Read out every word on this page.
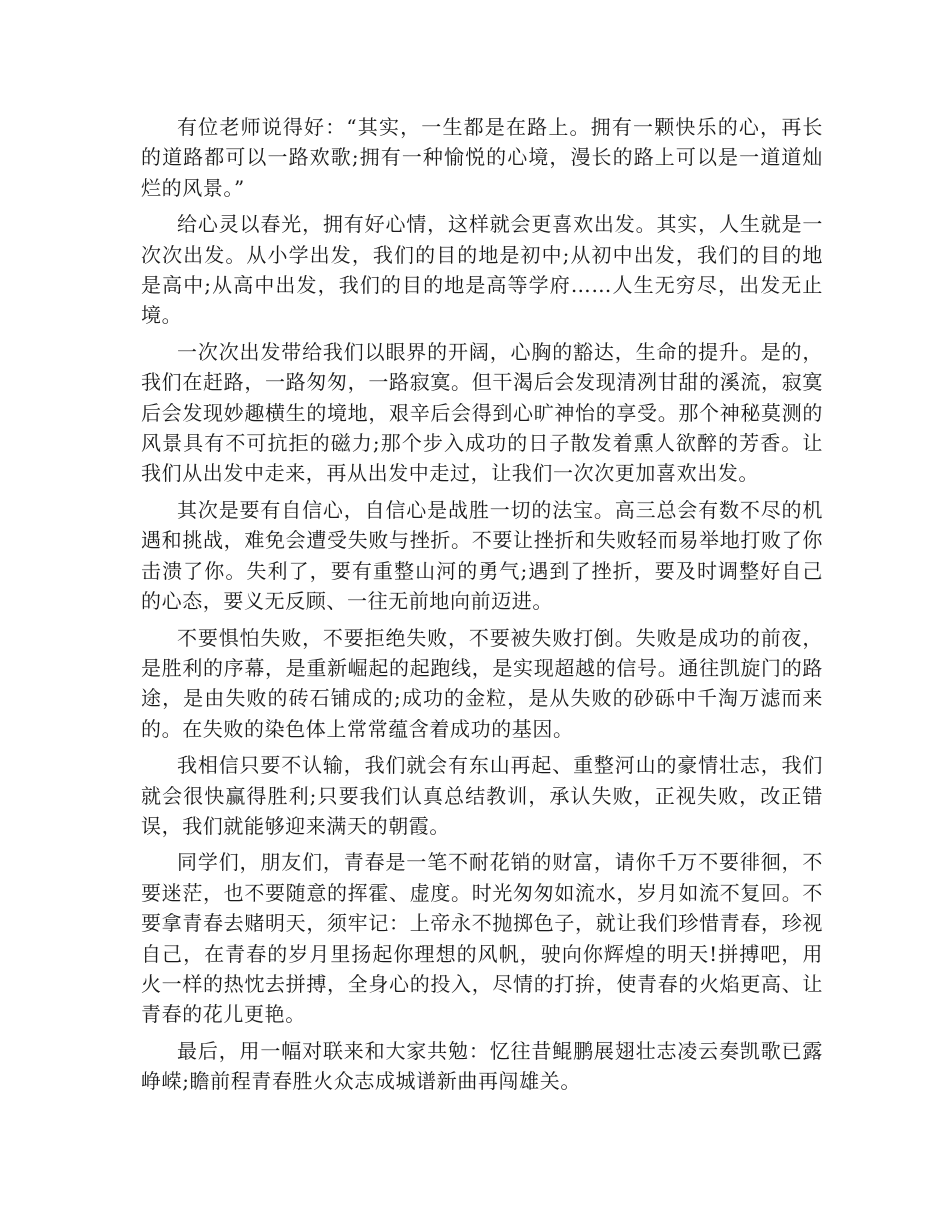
有位老师说得好：“其实，一生都是在路上。拥有一颗快乐的心，再长的道路都可以一路欢歌;拥有一种愉悦的心境，漫长的路上可以是一道道灿烂的风景。”

给心灵以春光，拥有好心情，这样就会更喜欢出发。其实，人生就是一次次出发。从小学出发，我们的目的地是初中;从初中出发，我们的目的地是高中;从高中出发，我们的目的地是高等学府……人生无穷尽，出发无止境。

一次次出发带给我们以眼界的开阔，心胸的豁达，生命的提升。是的，我们在赶路，一路匆匆，一路寂寞。但干渴后会发现清冽甘甜的溪流，寂寞后会发现妙趣横生的境地，艰辛后会得到心旷神怡的享受。那个神秘莫测的风景具有不可抗拒的磁力;那个步入成功的日子散发着熏人欲醉的芳香。让我们从出发中走来，再从出发中走过，让我们一次次更加喜欢出发。

其次是要有自信心，自信心是战胜一切的法宝。高三总会有数不尽的机遇和挑战，难免会遭受失败与挫折。不要让挫折和失败轻而易举地打败了你击溃了你。失利了，要有重整山河的勇气;遇到了挫折，要及时调整好自己的心态，要义无反顾、一往无前地向前迈进。

不要惧怕失败，不要拒绝失败，不要被失败打倒。失败是成功的前夜，是胜利的序幕，是重新崛起的起跑线，是实现超越的信号。通往凯旋门的路途，是由失败的砖石铺成的;成功的金粒，是从失败的砂砾中千淘万滤而来的。在失败的染色体上常常蕴含着成功的基因。

我相信只要不认输，我们就会有东山再起、重整河山的豪情壮志，我们就会很快赢得胜利;只要我们认真总结教训，承认失败，正视失败，改正错误，我们就能够迎来满天的朝霞。

同学们，朋友们，青春是一笔不耐花销的财富，请你千万不要徘徊，不要迷茫，也不要随意的挥霍、虚度。时光匆匆如流水，岁月如流不复回。不要拿青春去赌明天，须牢记：上帝永不抛掷色子，就让我们珍惜青春，珍视自己，在青春的岁月里扬起你理想的风帆，驶向你辉煌的明天!拼搏吧，用火一样的热忱去拼搏，全身心的投入，尽情的打拚，使青春的火焰更高、让青春的花儿更艳。

最后，用一幅对联来和大家共勉：忆往昔鲲鹏展翅壮志凌云奏凯歌已露峥嵘;瞻前程青春胜火众志成城谱新曲再闯雄关。
